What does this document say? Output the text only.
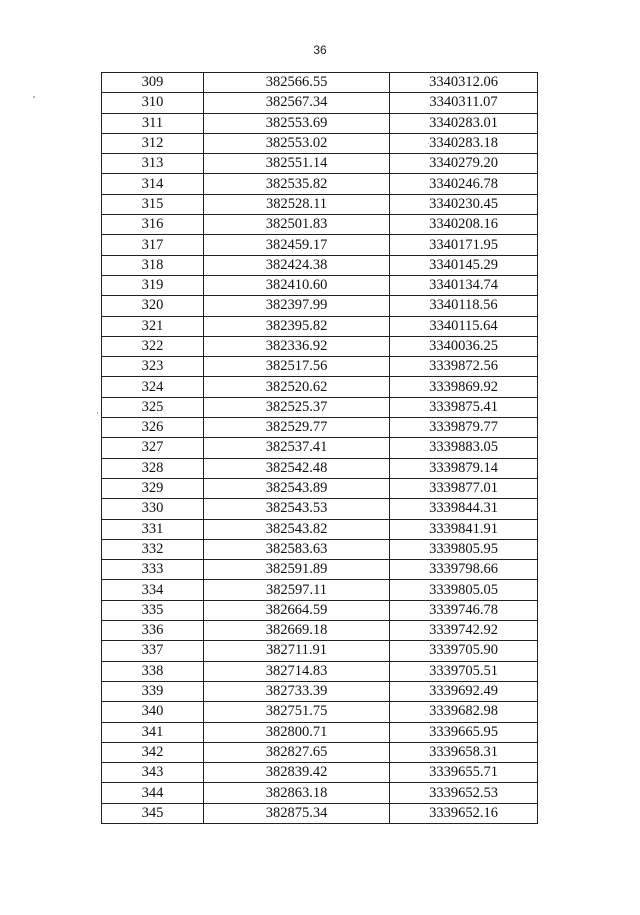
36
309	382566.55	3340312.06
310	382567.34	3340311.07
311	382553.69	3340283.01
312	382553.02	3340283.18
313	382551.14	3340279.20
314	382535.82	3340246.78
315	382528.11	3340230.45
316	382501.83	3340208.16
317	382459.17	3340171.95
318	382424.38	3340145.29
319	382410.60	3340134.74
320	382397.99	3340118.56
321	382395.82	3340115.64
322	382336.92	3340036.25
323	382517.56	3339872.56
324	382520.62	3339869.92
325	382525.37	3339875.41
326	382529.77	3339879.77
327	382537.41	3339883.05
328	382542.48	3339879.14
329	382543.89	3339877.01
330	382543.53	3339844.31
331	382543.82	3339841.91
332	382583.63	3339805.95
333	382591.89	3339798.66
334	382597.11	3339805.05
335	382664.59	3339746.78
336	382669.18	3339742.92
337	382711.91	3339705.90
338	382714.83	3339705.51
339	382733.39	3339692.49
340	382751.75	3339682.98
341	382800.71	3339665.95
342	382827.65	3339658.31
343	382839.42	3339655.71
344	382863.18	3339652.53
345	382875.34	3339652.16
